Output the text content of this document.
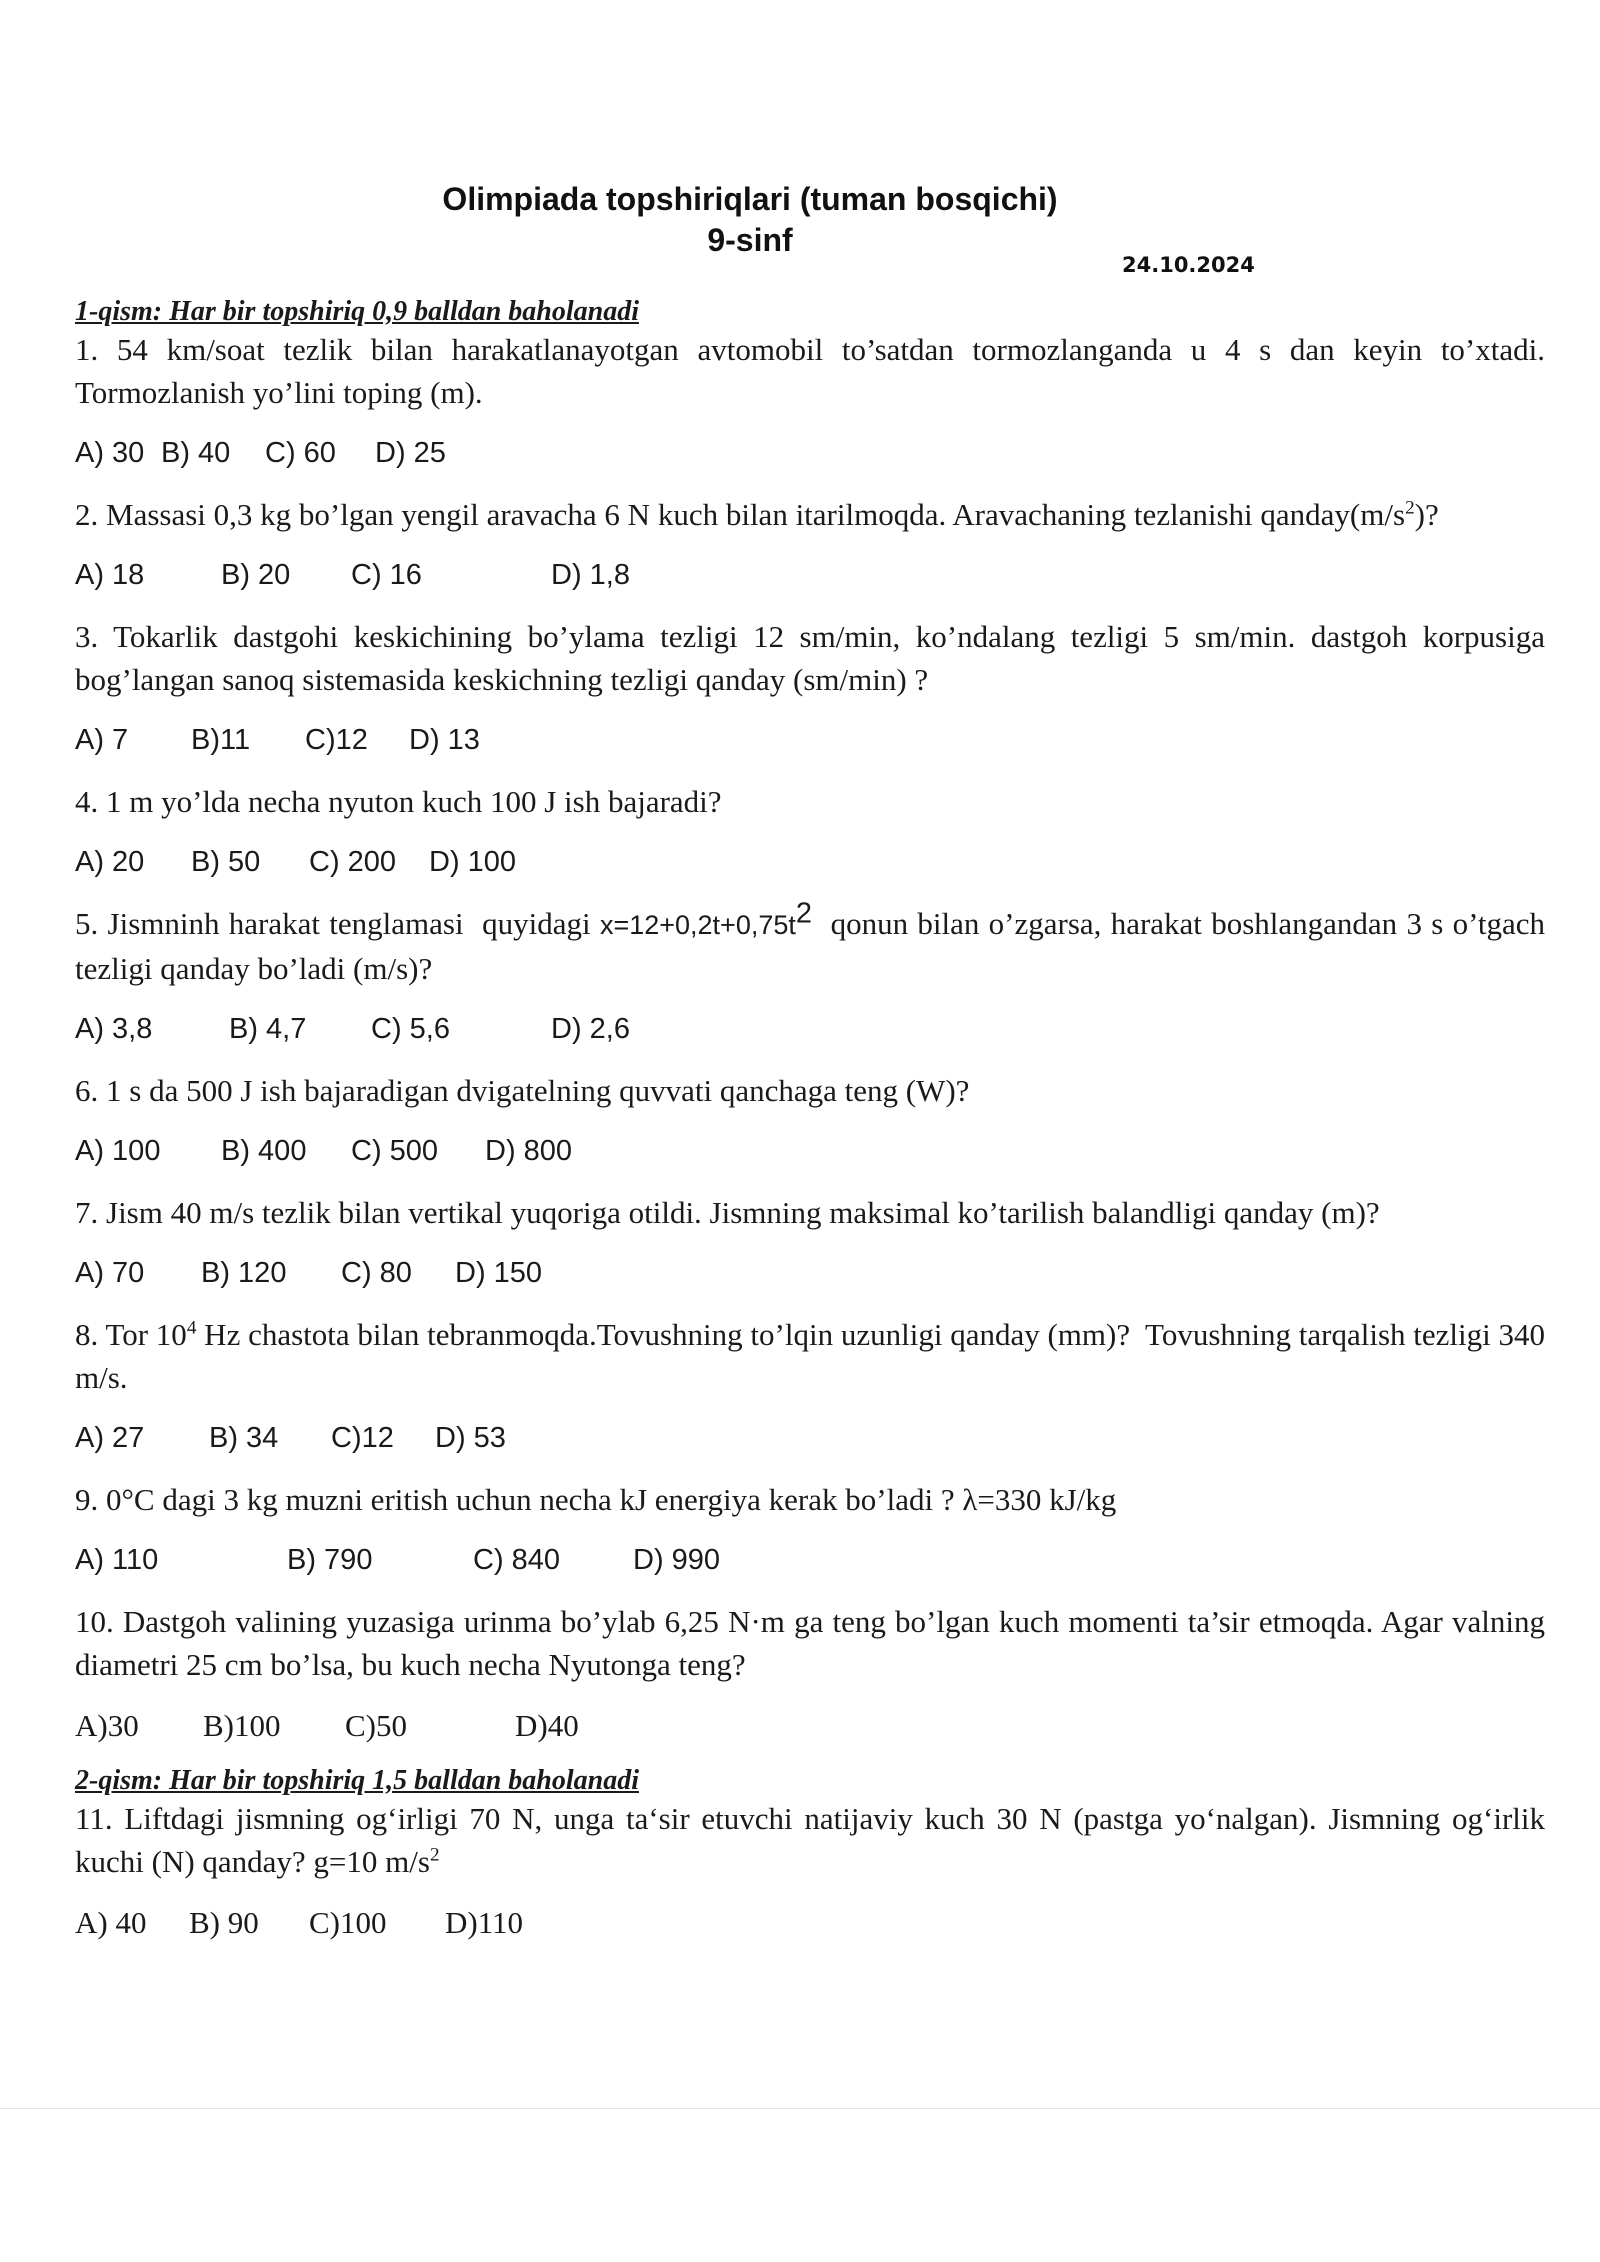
Olimpiada topshiriqlari (tuman bosqichi)
9-sinf
24.10.2024

1-qism: Har bir topshiriq 0,9 balldan baholanadi

1. 54 km/soat tezlik bilan harakatlanayotgan avtomobil to’satdan tormozlanganda u 4 s dan keyin to’xtadi. Tormozlanish yo’lini toping (m).

A) 30 B) 40 C) 60 D) 25

2. Massasi 0,3 kg bo’lgan yengil aravacha 6 N kuch bilan itarilmoqda. Aravachaning tezlanishi $qanday(m/s^2)$?

A) 18	B) 20 C) 16	D) 1,8

3. Tokarlik dastgohi keskichining bo’ylama tezligi 12 sm/min, ko’ndalang tezligi 5 sm/min. dastgoh korpusiga bog’langan sanoq sistemasida keskichning tezligi qanday (sm/min) ?

A) 7 B)11 C)12 D) 13

4. 1 m yo’lda necha nyuton kuch 100 J ish bajaradi?

A) 20 B) 50 C) 200 D) 100

5. Jismninh harakat tenglamasi  quyidagi $x=12+0,2t+0,75t^2$  qonun bilan o’zgarsa, harakat boshlangandan 3 s o’tgach tezligi qanday bo’ladi (m/s)?

A) 3,8	B) 4,7 C) 5,6	D) 2,6

6. 1 s da 500 J ish bajaradigan dvigatelning quvvati qanchaga teng (W)?

A) 100 B) 400 C) 500 D) 800

7. Jism 40 m/s tezlik bilan vertikal yuqoriga otildi. Jismning maksimal ko’tarilish balandligi qanday (m)?

A) 70 B) 120 C) 80 D) 150

8. Tor $10^4$ Hz chastota bilan tebranmoqda.Tovushning to’lqin uzunligi qanday (mm)?  Tovushning tarqalish tezligi 340 m/s.

A) 27 B) 34 C)12 D) 53

9. 0°C dagi 3 kg muzni eritish uchun necha kJ energiya kerak bo’ladi ? λ=330 kJ/kg

A) 110	B) 790	C) 840	D) 990

10. Dastgoh valining yuzasiga urinma bo’ylab 6,25 N·m ga teng bo’lgan kuch momenti ta’sir etmoqda. Agar valning diametri 25 cm bo’lsa, bu kuch necha Nyutonga teng?

A)30 B)100 C)50	D)40

2-qism: Har bir topshiriq 1,5 balldan baholanadi

11. Liftdagi jismning og‘irligi 70 N, unga ta‘sir etuvchi natijaviy kuch 30 N (pastga yo‘nalgan). Jismning og‘irlik kuchi (N) qanday? g=10 $m/s^2$

A) 40 B) 90 C)100 D)110
